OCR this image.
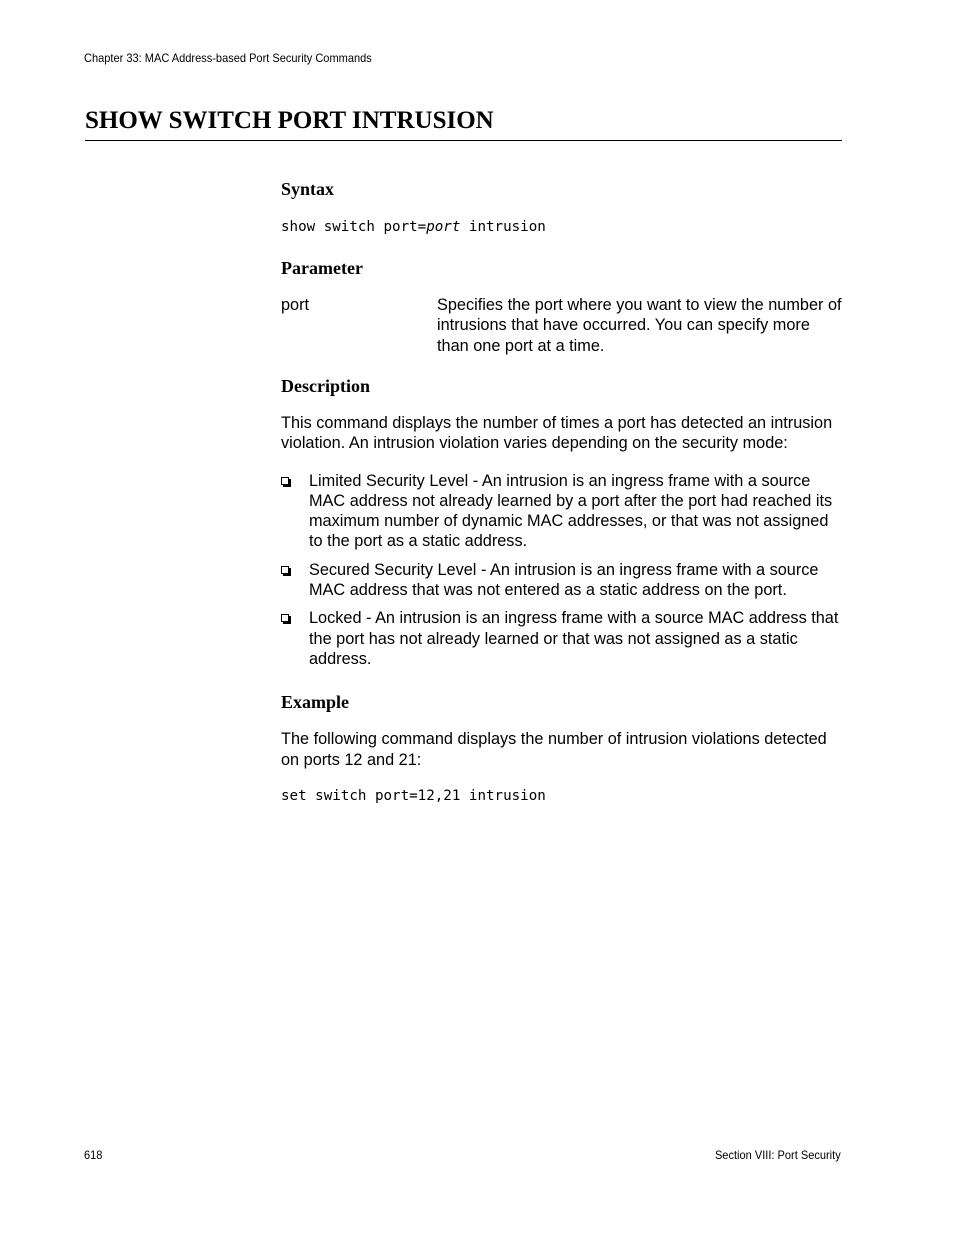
Chapter 33: MAC Address-based Port Security Commands
SHOW SWITCH PORT INTRUSION
Syntax
show switch port=port intrusion
Parameter
port	Specifies the port where you want to view the number of intrusions that have occurred. You can specify more than one port at a time.
Description
This command displays the number of times a port has detected an intrusion violation. An intrusion violation varies depending on the security mode:
Limited Security Level - An intrusion is an ingress frame with a source MAC address not already learned by a port after the port had reached its maximum number of dynamic MAC addresses, or that was not assigned to the port as a static address.
Secured Security Level - An intrusion is an ingress frame with a source MAC address that was not entered as a static address on the port.
Locked - An intrusion is an ingress frame with a source MAC address that the port has not already learned or that was not assigned as a static address.
Example
The following command displays the number of intrusion violations detected on ports 12 and 21:
set switch port=12,21 intrusion
618	Section VIII: Port Security
